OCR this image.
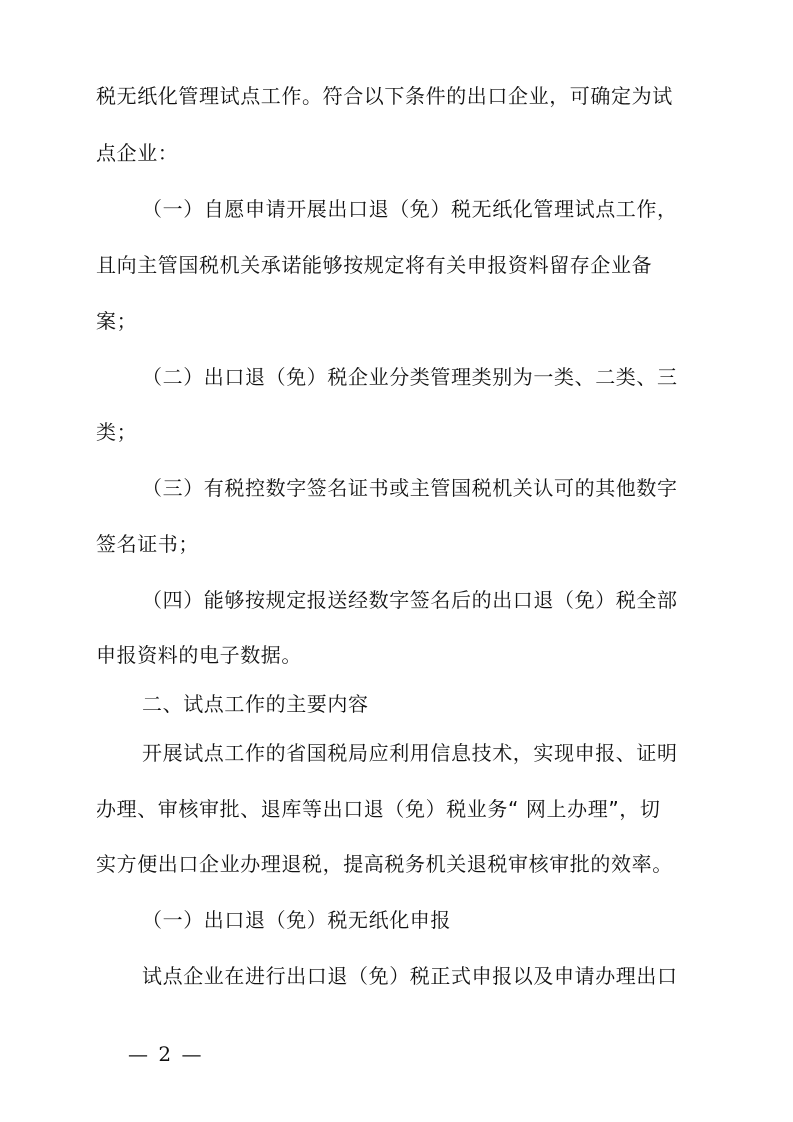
税无纸化管理试点工作。符合以下条件的出口企业，可确定为试
点企业：
（一）自愿申请开展出口退（免）税无纸化管理试点工作，
且向主管国税机关承诺能够按规定将有关申报资料留存企业备
案；
（二）出口退（免）税企业分类管理类别为一类、二类、三
类；
（三）有税控数字签名证书或主管国税机关认可的其他数字
签名证书；
（四）能够按规定报送经数字签名后的出口退（免）税全部
申报资料的电子数据。
二、试点工作的主要内容
开展试点工作的省国税局应利用信息技术，实现申报、证明
办理、审核审批、退库等出口退（免）税业务“ 网上办理”，切
实方便出口企业办理退税，提高税务机关退税审核审批的效率。
（一）出口退（免）税无纸化申报
试点企业在进行出口退（免）税正式申报以及申请办理出口
— 2 —
